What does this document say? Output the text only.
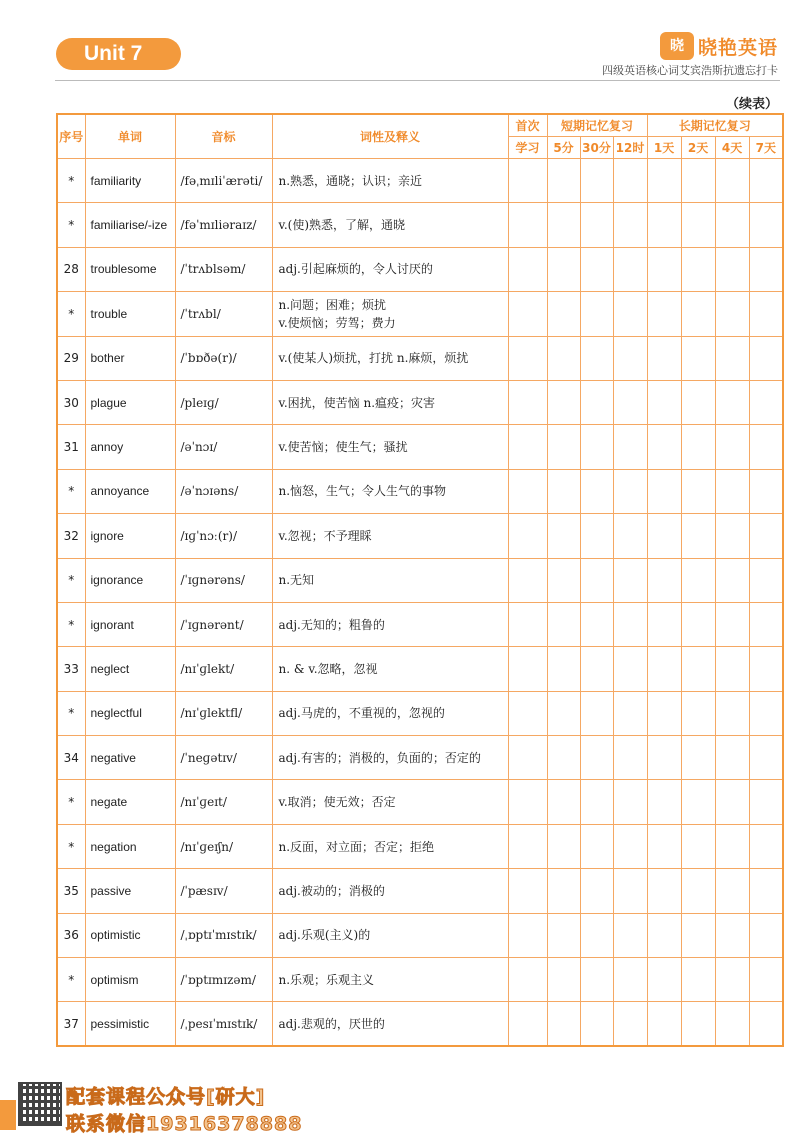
Unit 7	晓 晓艳英语
四级英语核心词艾宾浩斯抗遗忘打卡
（续表）
序号	单词	音标	词性及释义	首次	短期记忆复习			长期记忆复习			
				学习	5分	30分	12时	1天	2天	4天	7天
*	familiarity	/fəˌmɪliˈærəti/	n.熟悉，通晓；认识；亲近								

*	familiarise/-ize	/fəˈmɪliəraɪz/	v.(使)熟悉，了解，通晓								

28	troublesome	/ˈtrʌblsəm/	adj.引起麻烦的，令人讨厌的								

*	trouble	/ˈtrʌbl/	n.问题；困难；烦扰
v.使烦恼；劳驾；费力								

29	bother	/ˈbɒðə(r)/	v.(使某人)烦扰，打扰 n.麻烦，烦扰								

30	plague	/pleɪɡ/	v.困扰，使苦恼 n.瘟疫；灾害								

31	annoy	/əˈnɔɪ/	v.使苦恼；使生气；骚扰								

*	annoyance	/əˈnɔɪəns/	n.恼怒，生气；令人生气的事物								

32	ignore	/ɪɡˈnɔː(r)/	v.忽视；不予理睬								

*	ignorance	/ˈɪɡnərəns/	n.无知								

*	ignorant	/ˈɪɡnərənt/	adj.无知的；粗鲁的								

33	neglect	/nɪˈɡlekt/	n. & v.忽略，忽视								

*	neglectful	/nɪˈɡlektfl/	adj.马虎的，不重视的，忽视的								

34	negative	/ˈneɡətɪv/	adj.有害的；消极的，负面的；否定的								

*	negate	/nɪˈɡeɪt/	v.取消；使无效；否定								

*	negation	/nɪˈɡeɪʃn/	n.反面，对立面；否定；拒绝								

35	passive	/ˈpæsɪv/	adj.被动的；消极的								

36	optimistic	/ˌɒptɪˈmɪstɪk/	adj.乐观(主义)的								

*	optimism	/ˈɒptɪmɪzəm/	n.乐观；乐观主义								

37	pessimistic	/ˌpesɪˈmɪstɪk/	adj.悲观的，厌世的								

配套课程公众号[研大]
联系微信19316378888
